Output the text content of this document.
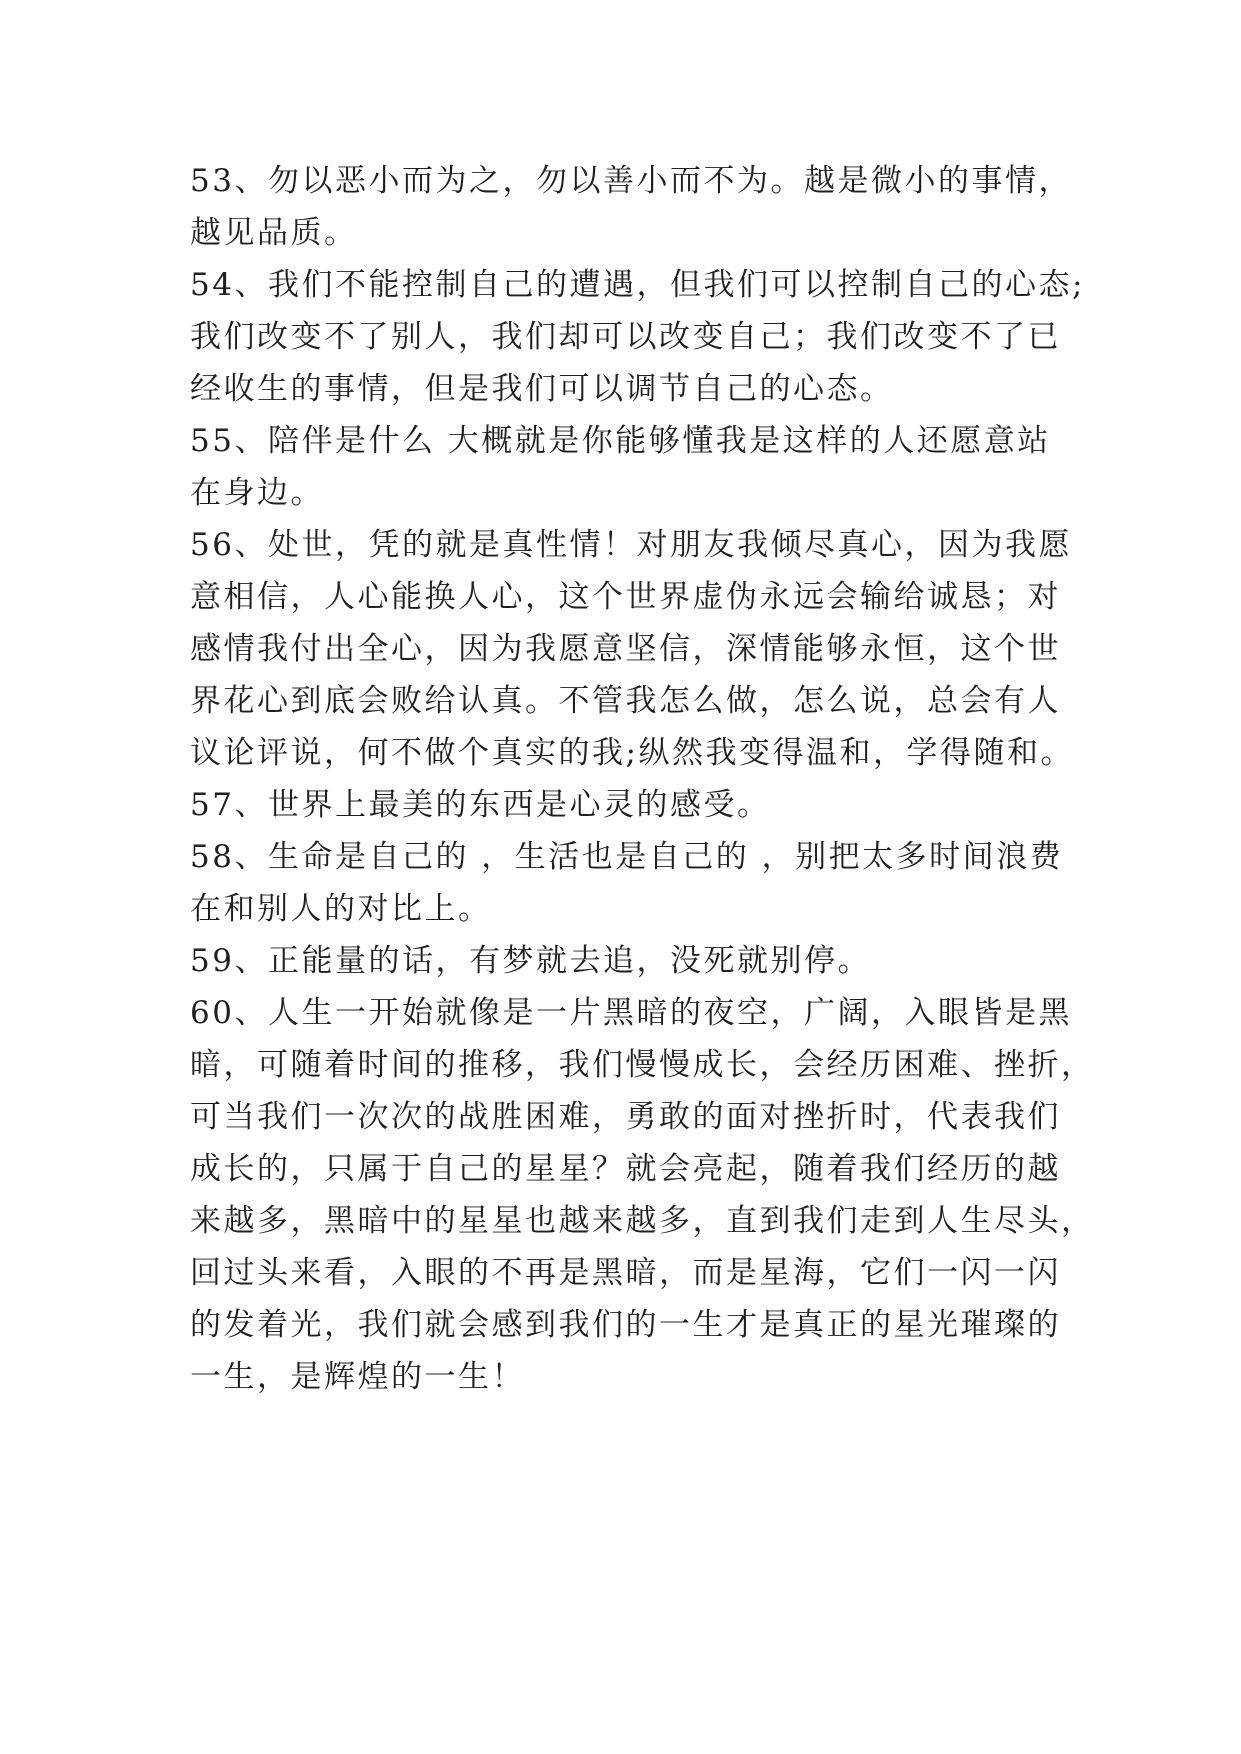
53、勿以恶小而为之，勿以善小而不为。越是微小的事情，
越见品质。
54、我们不能控制自己的遭遇，但我们可以控制自己的心态;
我们改变不了别人，我们却可以改变自己；我们改变不了已
经收生的事情，但是我们可以调节自己的心态。
55、陪伴是什么 大概就是你能够懂我是这样的人还愿意站
在身边。
56、处世，凭的就是真性情！对朋友我倾尽真心，因为我愿
意相信，人心能换人心，这个世界虚伪永远会输给诚恳；对
感情我付出全心，因为我愿意坚信，深情能够永恒，这个世
界花心到底会败给认真。不管我怎么做，怎么说，总会有人
议论评说，何不做个真实的我;纵然我变得温和，学得随和。
57、世界上最美的东西是心灵的感受。
58、生命是自己的 ，生活也是自己的 ，别把太多时间浪费
在和别人的对比上。
59、正能量的话，有梦就去追，没死就别停。
60、人生一开始就像是一片黑暗的夜空，广阔，入眼皆是黑
暗，可随着时间的推移，我们慢慢成长，会经历困难、挫折，
可当我们一次次的战胜困难，勇敢的面对挫折时，代表我们
成长的，只属于自己的星星？就会亮起，随着我们经历的越
来越多，黑暗中的星星也越来越多，直到我们走到人生尽头，
回过头来看，入眼的不再是黑暗，而是星海，它们一闪一闪
的发着光，我们就会感到我们的一生才是真正的星光璀璨的
一生，是辉煌的一生！
